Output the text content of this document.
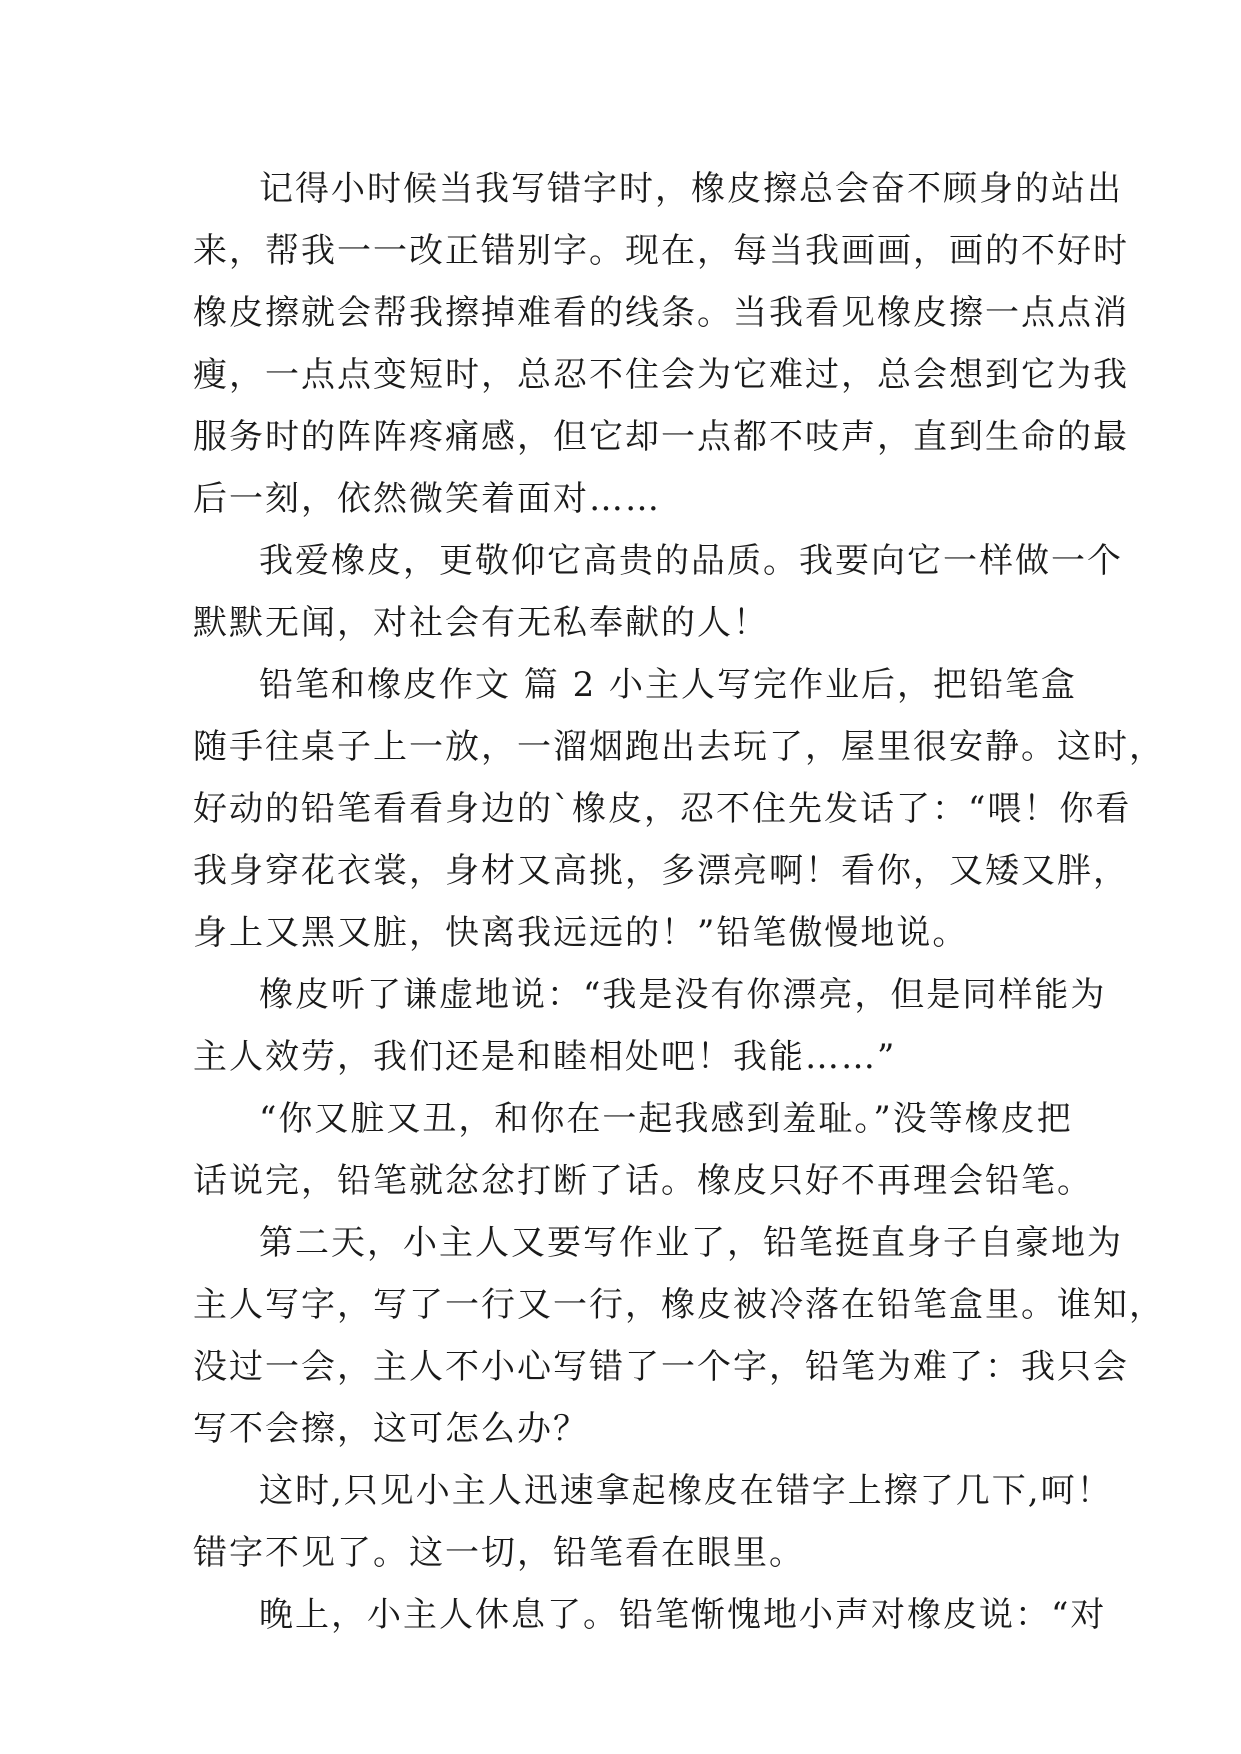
记得小时候当我写错字时，橡皮擦总会奋不顾身的站出
来，帮我一一改正错别字。现在，每当我画画，画的不好时
橡皮擦就会帮我擦掉难看的线条。当我看见橡皮擦一点点消
瘦，一点点变短时，总忍不住会为它难过，总会想到它为我
服务时的阵阵疼痛感，但它却一点都不吱声，直到生命的最
后一刻，依然微笑着面对……
我爱橡皮，更敬仰它高贵的品质。我要向它一样做一个
默默无闻，对社会有无私奉献的人！
铅笔和橡皮作文 篇 2 小主人写完作业后，把铅笔盒
随手往桌子上一放，一溜烟跑出去玩了，屋里很安静。这时，
好动的铅笔看看身边的`橡皮，忍不住先发话了：“喂！你看
我身穿花衣裳，身材又高挑，多漂亮啊！看你，又矮又胖，
身上又黑又脏，快离我远远的！”铅笔傲慢地说。
橡皮听了谦虚地说：“我是没有你漂亮，但是同样能为
主人效劳，我们还是和睦相处吧！我能……”
“你又脏又丑，和你在一起我感到羞耻。”没等橡皮把
话说完，铅笔就忿忿打断了话。橡皮只好不再理会铅笔。
第二天，小主人又要写作业了，铅笔挺直身子自豪地为
主人写字，写了一行又一行，橡皮被冷落在铅笔盒里。谁知，
没过一会，主人不小心写错了一个字，铅笔为难了：我只会
写不会擦，这可怎么办？
这时,只见小主人迅速拿起橡皮在错字上擦了几下,呵！
错字不见了。这一切，铅笔看在眼里。
晚上，小主人休息了。铅笔惭愧地小声对橡皮说：“对
